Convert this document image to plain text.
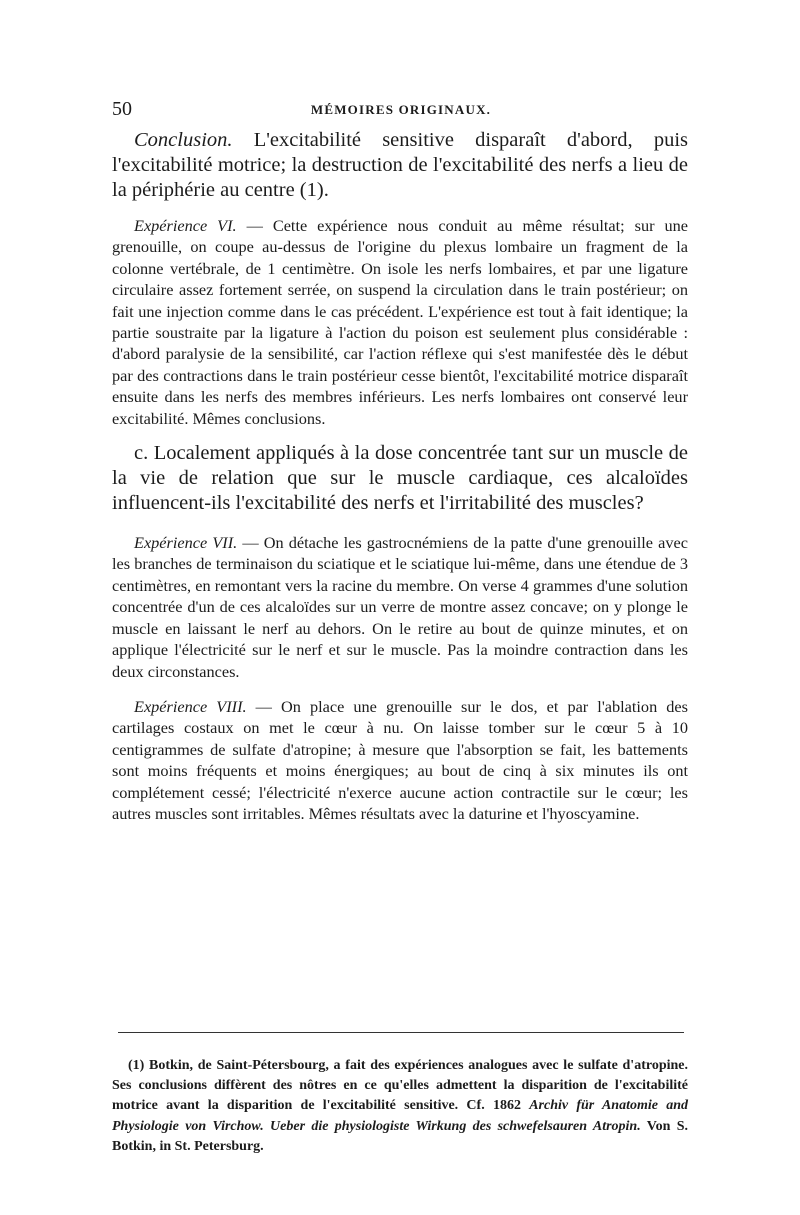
50	MÉMOIRES ORIGINAUX.

Conclusion. L'excitabilité sensitive disparaît d'abord, puis l'excitabilité motrice; la destruction de l'excitabilité des nerfs a lieu de la périphérie au centre (1).

Expérience VI. — Cette expérience nous conduit au même résultat; sur une grenouille, on coupe au-dessus de l'origine du plexus lombaire un fragment de la colonne vertébrale, de 1 centimètre. On isole les nerfs lombaires, et par une ligature circulaire assez fortement serrée, on suspend la circulation dans le train postérieur; on fait une injection comme dans le cas précédent. L'expérience est tout à fait identique; la partie soustraite par la ligature à l'action du poison est seulement plus considérable : d'abord paralysie de la sensibilité, car l'action réflexe qui s'est manifestée dès le début par des contractions dans le train postérieur cesse bientôt, l'excitabilité motrice disparaît ensuite dans les nerfs des membres inférieurs. Les nerfs lombaires ont conservé leur excitabilité. Mêmes conclusions.

c. Localement appliqués à la dose concentrée tant sur un muscle de la vie de relation que sur le muscle cardiaque, ces alcaloïdes influencent-ils l'excitabilité des nerfs et l'irritabilité des muscles?

Expérience VII. — On détache les gastrocnémiens de la patte d'une grenouille avec les branches de terminaison du sciatique et le sciatique lui-même, dans une étendue de 3 centimètres, en remontant vers la racine du membre. On verse 4 grammes d'une solution concentrée d'un de ces alcaloïdes sur un verre de montre assez concave; on y plonge le muscle en laissant le nerf au dehors. On le retire au bout de quinze minutes, et on applique l'électricité sur le nerf et sur le muscle. Pas la moindre contraction dans les deux circonstances.

Expérience VIII. — On place une grenouille sur le dos, et par l'ablation des cartilages costaux on met le cœur à nu. On laisse tomber sur le cœur 5 à 10 centigrammes de sulfate d'atropine; à mesure que l'absorption se fait, les battements sont moins fréquents et moins énergiques; au bout de cinq à six minutes ils ont complétement cessé; l'électricité n'exerce aucune action contractile sur le cœur; les autres muscles sont irritables. Mêmes résultats avec la daturine et l'hyoscyamine.

(1) Botkin, de Saint-Pétersbourg, a fait des expériences analogues avec le sulfate d'atropine. Ses conclusions diffèrent des nôtres en ce qu'elles admettent la disparition de l'excitabilité motrice avant la disparition de l'excitabilité sensitive. Cf. 1862 Archiv für Anatomie and Physiologie von Virchow. Ueber die physiologiste Wirkung des schwefelsauren Atropin. Von S. Botkin, in St. Petersburg.
